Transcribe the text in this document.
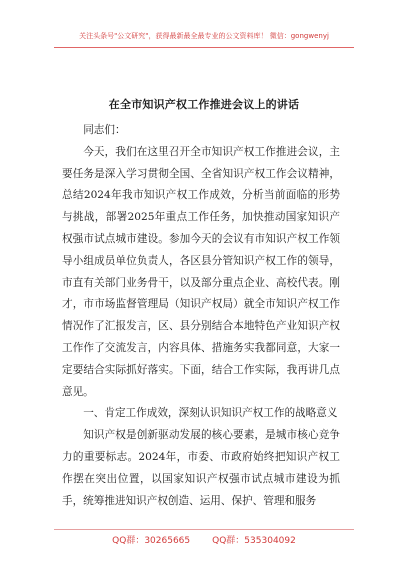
关注头条号"公文研究"，获得最新最全最专业的公文资料库！ 微信：gongwenyj
在全市知识产权工作推进会议上的讲话

同志们：

今天，我们在这里召开全市知识产权工作推进会议，主要任务是深入学习贯彻全国、全省知识产权工作会议精神，总结2024年我市知识产权工作成效，分析当前面临的形势与挑战，部署2025年重点工作任务，加快推动国家知识产权强市试点城市建设。参加今天的会议有市知识产权工作领导小组成员单位负责人，各区县分管知识产权工作的领导，市直有关部门业务骨干，以及部分重点企业、高校代表。刚才，市市场监督管理局（知识产权局）就全市知识产权工作情况作了汇报发言，区、县分别结合本地特色产业知识产权工作作了交流发言，内容具体、措施务实我都同意，大家一定要结合实际抓好落实。下面，结合工作实际，我再讲几点意见。

一、肯定工作成效，深刻认识知识产权工作的战略意义

知识产权是创新驱动发展的核心要素，是城市核心竞争力的重要标志。2024年，市委、市政府始终把知识产权工作摆在突出位置，以国家知识产权强市试点城市建设为抓手，统筹推进知识产权创造、运用、保护、管理和服务

QQ群：30265665 QQ群：535304092
